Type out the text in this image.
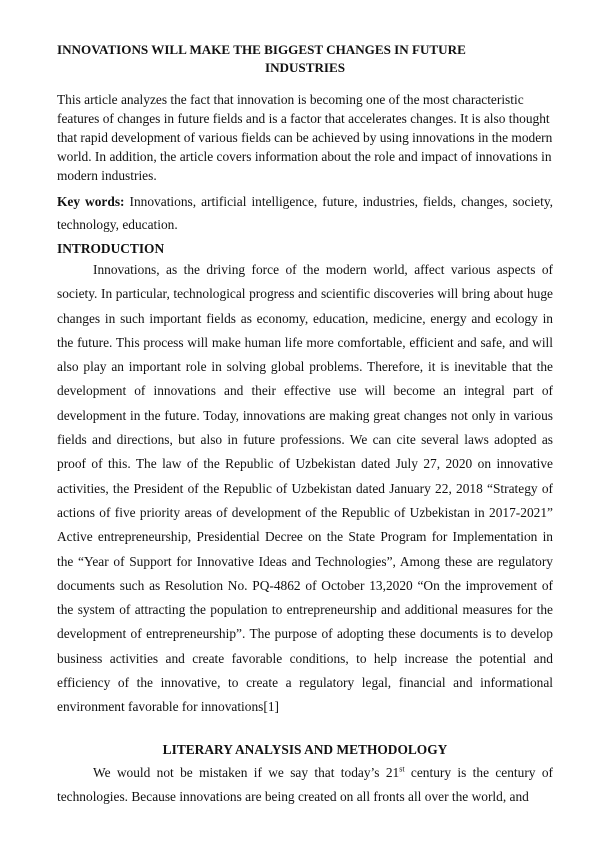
INNOVATIONS WILL MAKE THE BIGGEST CHANGES IN FUTURE
INDUSTRIES
This article analyzes the fact that innovation is becoming one of the most characteristic features of changes in future fields and is a factor that accelerates changes. It is also thought that rapid development of various fields can be achieved by using innovations in the modern world. In addition, the article covers information about the role and impact of innovations in modern industries.
Key words: Innovations, artificial intelligence, future, industries, fields, changes, society, technology, education.
INTRODUCTION

Innovations, as the driving force of the modern world, affect various aspects of society. In particular, technological progress and scientific discoveries will bring about huge changes in such important fields as economy, education, medicine, energy and ecology in the future. This process will make human life more comfortable, efficient and safe, and will also play an important role in solving global problems. Therefore, it is inevitable that the development of innovations and their effective use will become an integral part of development in the future. Today, innovations are making great changes not only in various fields and directions, but also in future professions. We can cite several laws adopted as proof of this. The law of the Republic of Uzbekistan dated July 27, 2020 on innovative activities, the President of the Republic of Uzbekistan dated January 22, 2018 “Strategy of actions of five priority areas of development of the Republic of Uzbekistan in 2017-2021” Active entrepreneurship, Presidential Decree on the State Program for Implementation in the “Year of Support for Innovative Ideas and Technologies”, Among these are regulatory documents such as Resolution No. PQ-4862 of October 13,2020 “On the improvement of the system of attracting the population to entrepreneurship and additional measures for the development of entrepreneurship”. The purpose of adopting these documents is to develop business activities and create favorable conditions, to help increase the potential and efficiency of the innovative, to create a regulatory legal, financial and informational environment favorable for innovations[1]

LITERARY ANALYSIS AND METHODOLOGY

We would not be mistaken if we say that today’s 21st century is the century of technologies. Because innovations are being created on all fronts all over the world, and
